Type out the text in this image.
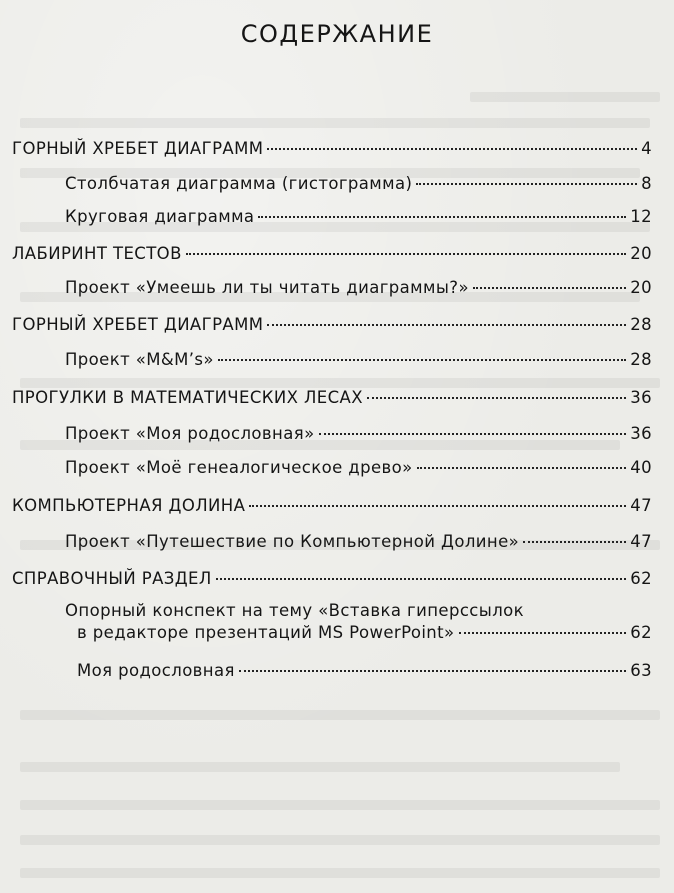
СОДЕРЖАНИЕ
ГОРНЫЙ ХРЕБЕТ ДИАГРАММ	4
Столбчатая диаграмма (гистограмма)	8
Круговая диаграмма	12
ЛАБИРИНТ ТЕСТОВ	20
Проект «Умеешь ли ты читать диаграммы?»	20
ГОРНЫЙ ХРЕБЕТ ДИАГРАММ	28
Проект «M&M’s»	28
ПРОГУЛКИ В МАТЕМАТИЧЕСКИХ ЛЕСАХ	36
Проект «Моя родословная»	36
Проект «Моё генеалогическое древо»	40
КОМПЬЮТЕРНАЯ ДОЛИНА	47
Проект «Путешествие по Компьютерной Долине»	47
СПРАВОЧНЫЙ РАЗДЕЛ	62
Опорный конспект на тему «Вставка гиперссылок
в редакторе презентаций MS PowerPoint»	62
Моя родословная	63
